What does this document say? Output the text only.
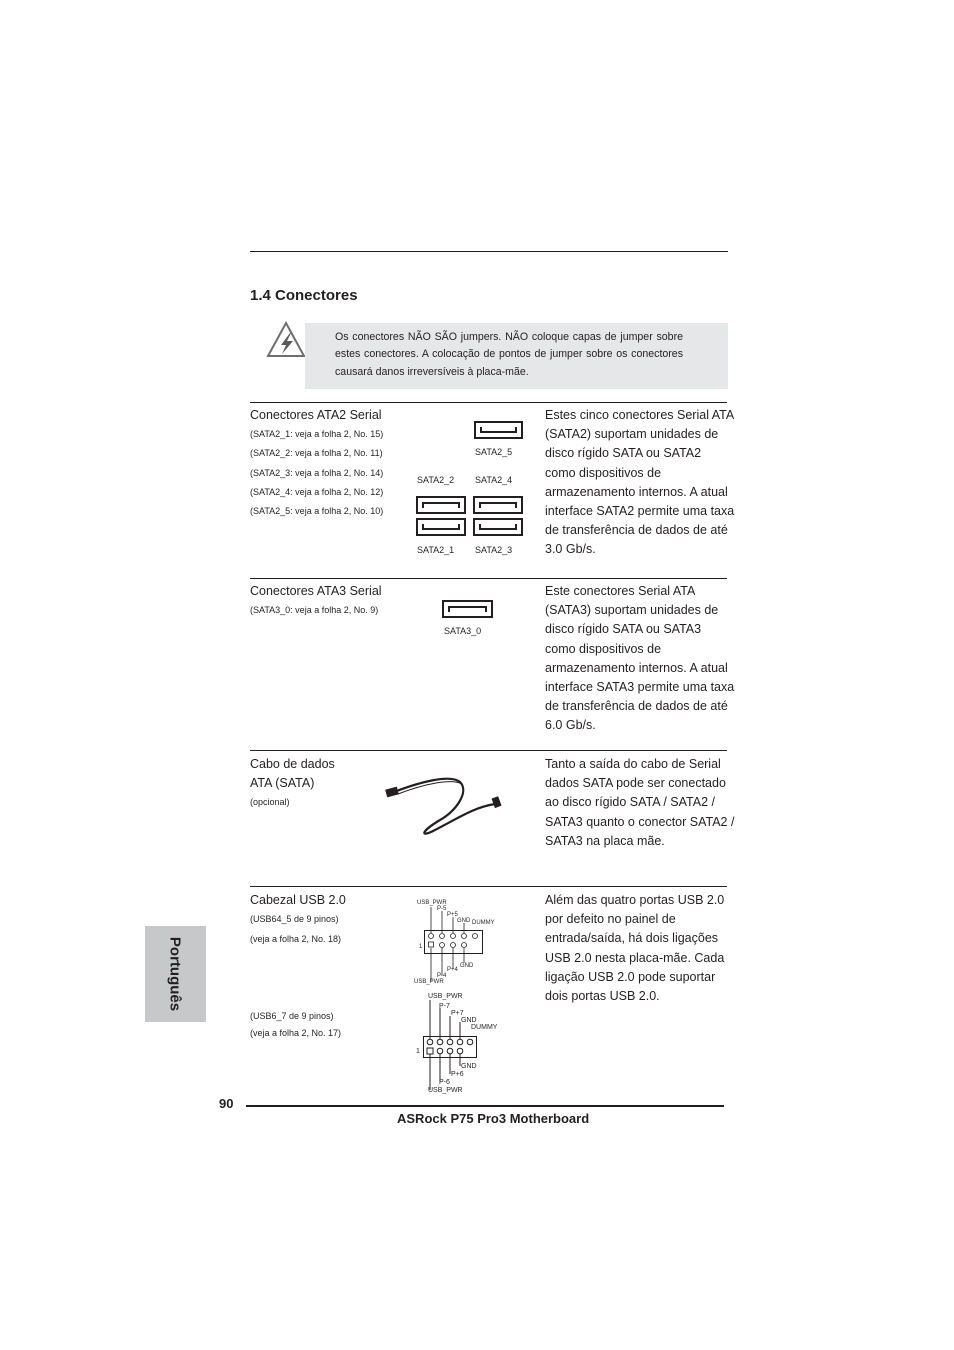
1.4 Conectores
Os conectores NÃO SÃO jumpers. NÃO coloque capas de jumper sobre estes conectores. A colocação de pontos de jumper sobre os conectores causará danos irreversíveis à placa-mãe.
Conectores ATA2 Serial
(SATA2_1: veja a folha 2, No. 15)
(SATA2_2: veja a folha 2, No. 11)
(SATA2_3: veja a folha 2, No. 14)
(SATA2_4: veja a folha 2, No. 12)
(SATA2_5: veja a folha 2, No. 10)
SATA2_5
SATA2_2 SATA2_4
SATA2_1 SATA2_3
Estes cinco conectores Serial ATA (SATA2) suportam unidades de disco rígido SATA ou SATA2 como dispositivos de armazenamento internos. A atual interface SATA2 permite uma taxa de transferência de dados de até 3.0 Gb/s.
Conectores ATA3 Serial
(SATA3_0: veja a folha 2, No. 9)
SATA3_0
Este conectores Serial ATA (SATA3) suportam unidades de disco rígido SATA ou SATA3 como dispositivos de armazenamento internos. A atual interface SATA3 permite uma taxa de transferência de dados de até 6.0 Gb/s.
Cabo de dados ATA (SATA)
(opcional)
Tanto a saída do cabo de Serial dados SATA pode ser conectado ao disco rígido SATA / SATA2 / SATA3 quanto o conector SATA2 / SATA3 na placa mãe.
Cabezal USB 2.0
(USB64_5 de 9 pinos)
(veja a folha 2, No. 18)
(USB6_7 de 9 pinos)
(veja a folha 2, No. 17)
USB_PWR
P-5
P+5
GND DUMMY
1
GND
P+4
P-4
USB_PWR
USB_PWR
P-7
P+7
GND
DUMMY
1
GND
P+6
P-6
USB_PWR
Além das quatro portas USB 2.0 por defeito no painel de entrada/saída, há dois ligações USB 2.0 nesta placa-mãe. Cada ligação USB 2.0 pode suportar dois portas USB 2.0.
Português
90
ASRock P75 Pro3 Motherboard
